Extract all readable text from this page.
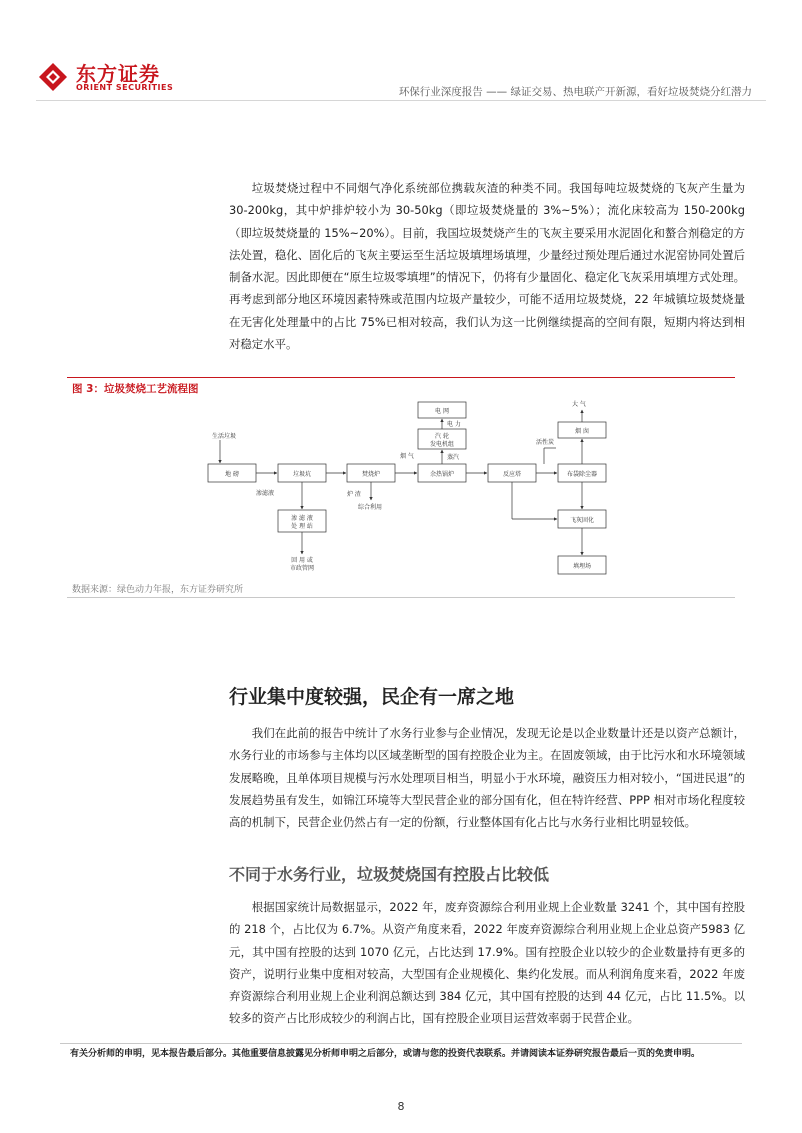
东方证券
ORIENT SECURITIES	环保行业深度报告 —— 绿证交易、热电联产开新源，看好垃圾焚烧分红潜力

垃圾焚烧过程中不同烟气净化系统部位携载灰渣的种类不同。我国每吨垃圾焚烧的飞灰产生量为 30-200kg，其中炉排炉较小为 30-50kg（即垃圾焚烧量的 3%~5%）；流化床较高为 150-200kg（即垃圾焚烧量的 15%~20%）。目前，我国垃圾焚烧产生的飞灰主要采用水泥固化和螯合剂稳定的方法处置，稳化、固化后的飞灰主要运至生活垃圾填埋场填埋，少量经过预处理后通过水泥窑协同处置后制备水泥。因此即便在“原生垃圾零填埋”的情况下，仍将有少量固化、稳定化飞灰采用填埋方式处理。再考虑到部分地区环境因素特殊或范围内垃圾产量较少，可能不适用垃圾焚烧，22 年城镇垃圾焚烧量在无害化处理量中的占比 75%已相对较高，我们认为这一比例继续提高的空间有限，短期内将达到相对稳定水平。

图 3：垃圾焚烧工艺流程图
地 磅	垃圾坑	焚烧炉	余热锅炉	反应塔	布袋除尘器
电 网
汽 轮
发电机组
烟 囱
渗 滤 液
处 理 站
飞灰固化
填埋场
生活垃圾
渗滤液	炉 渣
综合利用
烟 气	蒸汽
电 力
活性炭
大 气
回 用 或
市政管网
数据来源：绿色动力年报，东方证券研究所
行业集中度较强，民企有一席之地

我们在此前的报告中统计了水务行业参与企业情况，发现无论是以企业数量计还是以资产总额计，水务行业的市场参与主体均以区域垄断型的国有控股企业为主。在固废领域，由于比污水和水环境领域发展略晚，且单体项目规模与污水处理项目相当，明显小于水环境，融资压力相对较小，“国进民退”的发展趋势虽有发生，如锦江环境等大型民营企业的部分国有化，但在特许经营、PPP 相对市场化程度较高的机制下，民营企业仍然占有一定的份额，行业整体国有化占比与水务行业相比明显较低。

不同于水务行业，垃圾焚烧国有控股占比较低

根据国家统计局数据显示，2022 年，废弃资源综合利用业规上企业数量 3241 个，其中国有控股的 218 个，占比仅为 6.7%。从资产角度来看，2022 年废弃资源综合利用业规上企业总资产5983 亿元，其中国有控股的达到 1070 亿元，占比达到 17.9%。国有控股企业以较少的企业数量持有更多的资产，说明行业集中度相对较高，大型国有企业规模化、集约化发展。而从利润角度来看，2022 年废弃资源综合利用业规上企业利润总额达到 384 亿元，其中国有控股的达到 44 亿元，占比 11.5%。以较多的资产占比形成较少的利润占比，国有控股企业项目运营效率弱于民营企业。

有关分析师的申明，见本报告最后部分。其他重要信息披露见分析师申明之后部分，或请与您的投资代表联系。并请阅读本证券研究报告最后一页的免责申明。
8
